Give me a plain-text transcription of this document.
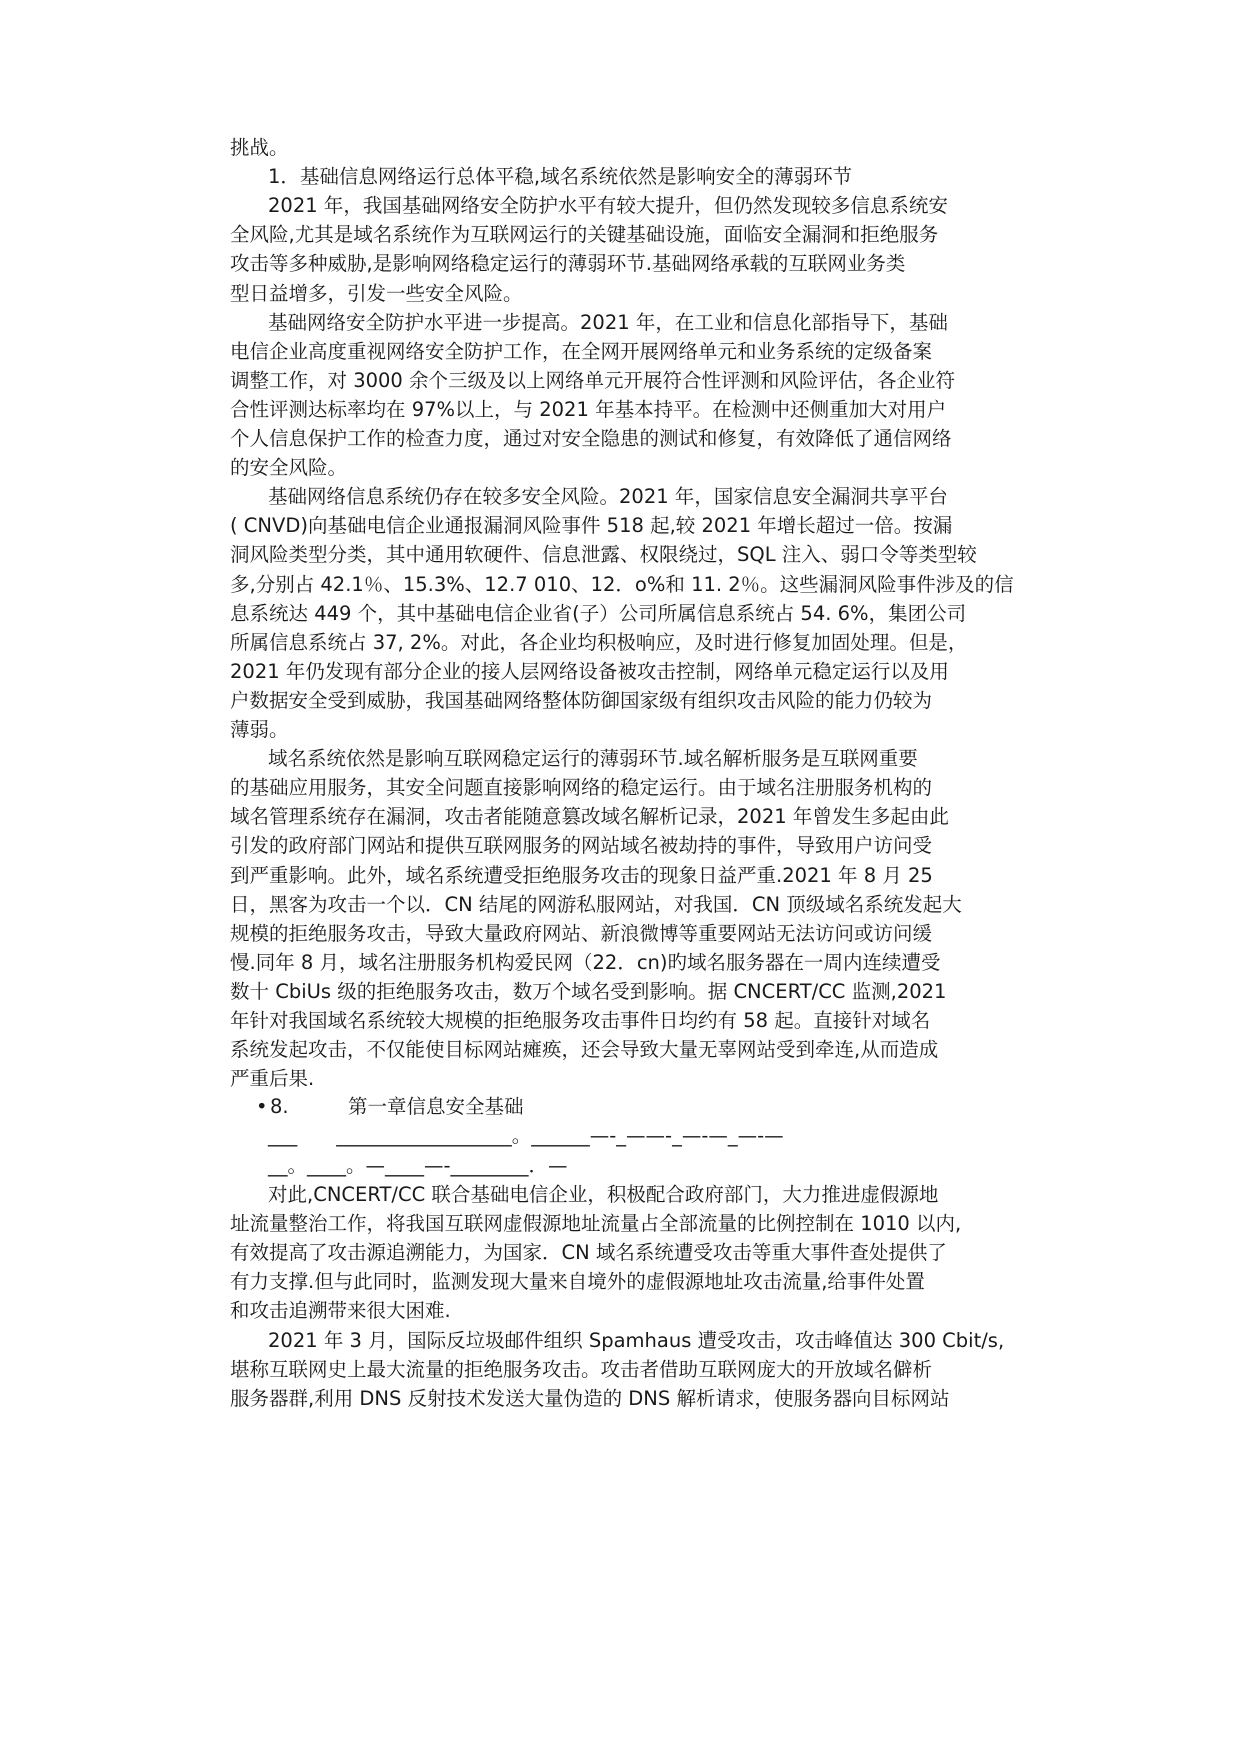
挑战。
1．基础信息网络运行总体平稳,域名系统依然是影响安全的薄弱环节
2021 年，我国基础网络安全防护水平有较大提升，但仍然发现较多信息系统安
全风险,尤其是域名系统作为互联网运行的关键基础设施，面临安全漏洞和拒绝服务
攻击等多种威胁,是影响网络稳定运行的薄弱环节.基础网络承载的互联网业务类
型日益增多，引发一些安全风险。
基础网络安全防护水平进一步提高。2021 年，在工业和信息化部指导下，基础
电信企业高度重视网络安全防护工作，在全网开展网络单元和业务系统的定级备案
调整工作，对 3000 余个三级及以上网络单元开展符合性评测和风险评估，各企业符
合性评测达标率均在 97%以上，与 2021 年基本持平。在检测中还侧重加大对用户
个人信息保护工作的检查力度，通过对安全隐患的测试和修复，有效降低了通信网络
的安全风险。
基础网络信息系统仍存在较多安全风险。2021 年，国家信息安全漏洞共享平台
( CNVD)向基础电信企业通报漏洞风险事件 518 起,较 2021 年增长超过一倍。按漏
洞风险类型分类，其中通用软硬件、信息泄露、权限绕过，SQL 注入、弱口令等类型较
多,分别占 42.1％、15.3%、12.7 010、12．o%和 11. 2％。这些漏洞风险事件涉及的信
息系统达 449 个，其中基础电信企业省(子）公司所属信息系统占 54. 6%，集团公司
所属信息系统占 37, 2%。对此，各企业均积极响应，及时进行修复加固处理。但是，
2021 年仍发现有部分企业的接人层网络设备被攻击控制，网络单元稳定运行以及用
户数据安全受到威胁，我国基础网络整体防御国家级有组织攻击风险的能力仍较为
薄弱。
域名系统依然是影响互联网稳定运行的薄弱环节.域名解析服务是互联网重要
的基础应用服务，其安全问题直接影响网络的稳定运行。由于域名注册服务机构的
域名管理系统存在漏洞，攻击者能随意篡改域名解析记录，2021 年曾发生多起由此
引发的政府部门网站和提供互联网服务的网站域名被劫持的事件，导致用户访问受
到严重影响。此外，域名系统遭受拒绝服务攻击的现象日益严重.2021 年 8 月 25
日，黑客为攻击一个以．CN 结尾的网游私服网站，对我国．CN 顶级域名系统发起大
规模的拒绝服务攻击，导致大量政府网站、新浪微博等重要网站无法访问或访问缓
慢.同年 8 月，域名注册服务机构爱民网（22．cn)旳域名服务器在一周内连续遭受
数十 CbiUs 级的拒绝服务攻击，数万个域名受到影响。据 CNCERT/CC 监测,2021
年针对我国域名系统较大规模的拒绝服务攻击事件日均约有 58 起。直接针对域名
系统发起攻击，不仅能使目标网站瘫痪，还会导致大量无辜网站受到牵连,从而造成
严重后果.
• 8.	第一章信息安全基础
___　　__________________。______—-_——-_—-—_—-—
__。____。—____—-________．—
对此,CNCERT/CC 联合基础电信企业，积极配合政府部门，大力推进虚假源地
址流量整治工作，将我国互联网虚假源地址流量占全部流量的比例控制在 1010 以内,
有效提高了攻击源追溯能力，为国家．CN 域名系统遭受攻击等重大事件查处提供了
有力支撑.但与此同时，监测发现大量来自境外的虚假源地址攻击流量,给事件处置
和攻击追溯带来很大困难.
2021 年 3 月，国际反垃圾邮件组织 Spamhaus 遭受攻击，攻击峰值达 300 Cbit/s,
堪称互联网史上最大流量的拒绝服务攻击。攻击者借助互联网庞大的开放域名僻析
服务器群,利用 DNS 反射技术发送大量伪造的 DNS 解析请求，使服务器向目标网站
